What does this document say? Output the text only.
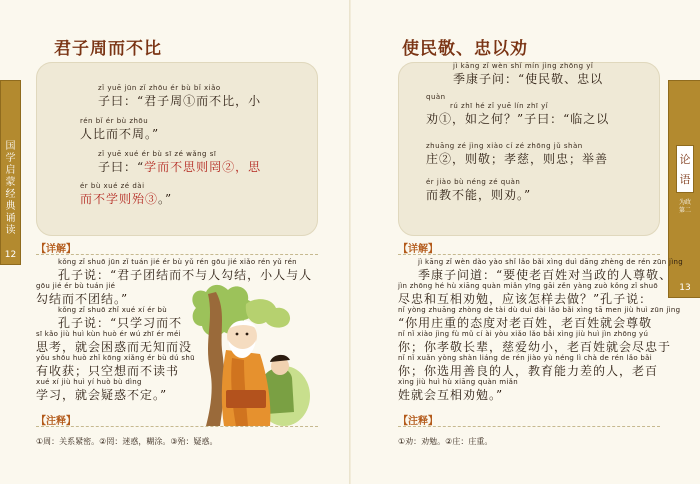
国学启蒙经典诵读
12
君子周而不比
zǐ yuē jūn zǐ zhōu ér bù bǐ xiǎo
子曰：“君子周①而不比，小
rén bǐ ér bù zhōu
人比而不周。”
zǐ yuē xué ér bù sī zé wǎng sī
子曰：“学而不思则罔②，思
ér bù xué zé dài
而不学则殆③。”
【详解】
kǒng zǐ shuō jūn zǐ tuán jié ér bù yǔ rén gōu jié xiǎo rén yǔ rén
孔子说：“君子团结而不与人勾结，小人与人
gōu jié ér bù tuán jié
勾结而不团结。”
kǒng zǐ shuō zhǐ xué xí ér bù
孔子说：“只学习而不
sī kǎo jiù huì kùn huò ér wú zhī ér méi
思考，就会困惑而无知而没
yǒu shōu huò zhǐ kōng xiǎng ér bù dú shū
有收获；只空想而不读书
xué xí jiù huì yí huò bù dìng
学习，就会疑惑不定。”
【注释】
①周：关系紧密。②罔：迷惑，糊涂。③殆：疑惑。
使民敬、忠以劝
jì kāng zǐ wèn shǐ mín jìng zhōng yǐ
季康子问：“使民敬、忠以
quàn
rú zhī hé zǐ yuē lín zhī yǐ
劝①，如之何？”子曰：“临之以
zhuāng zé jìng xiào cí zé zhōng jǔ shàn
庄②，则敬；孝慈，则忠；举善
ér jiào bù néng zé quàn
而教不能，则劝。”
论语
为政第二
13
【详解】
jì kāng zǐ wèn dào yào shǐ lǎo bǎi xìng duì dāng zhèng de rén zūn jìng
季康子问道：“要使老百姓对当政的人尊敬、
jìn zhōng hé hù xiāng quàn miǎn yīng gāi zěn yàng zuò kǒng zǐ shuō
尽忠和互相劝勉，应该怎样去做？”孔子说：
nǐ yòng zhuāng zhòng de tài dù duì dài lǎo bǎi xìng tā men jiù huì zūn jìng
“你用庄重的态度对老百姓，老百姓就会尊敬
nǐ nǐ xiào jìng fù mǔ cí ài yòu xiǎo lǎo bǎi xìng jiù huì jìn zhōng yú
你；你孝敬长辈，慈爱幼小，老百姓就会尽忠于
nǐ nǐ xuǎn yòng shàn liáng de rén jiào yù néng lì chà de rén lǎo bǎi
你；你选用善良的人，教育能力差的人，老百
xìng jiù huì hù xiāng quàn miǎn
姓就会互相劝勉。”
【注释】
①劝：劝勉。②庄：庄重。
